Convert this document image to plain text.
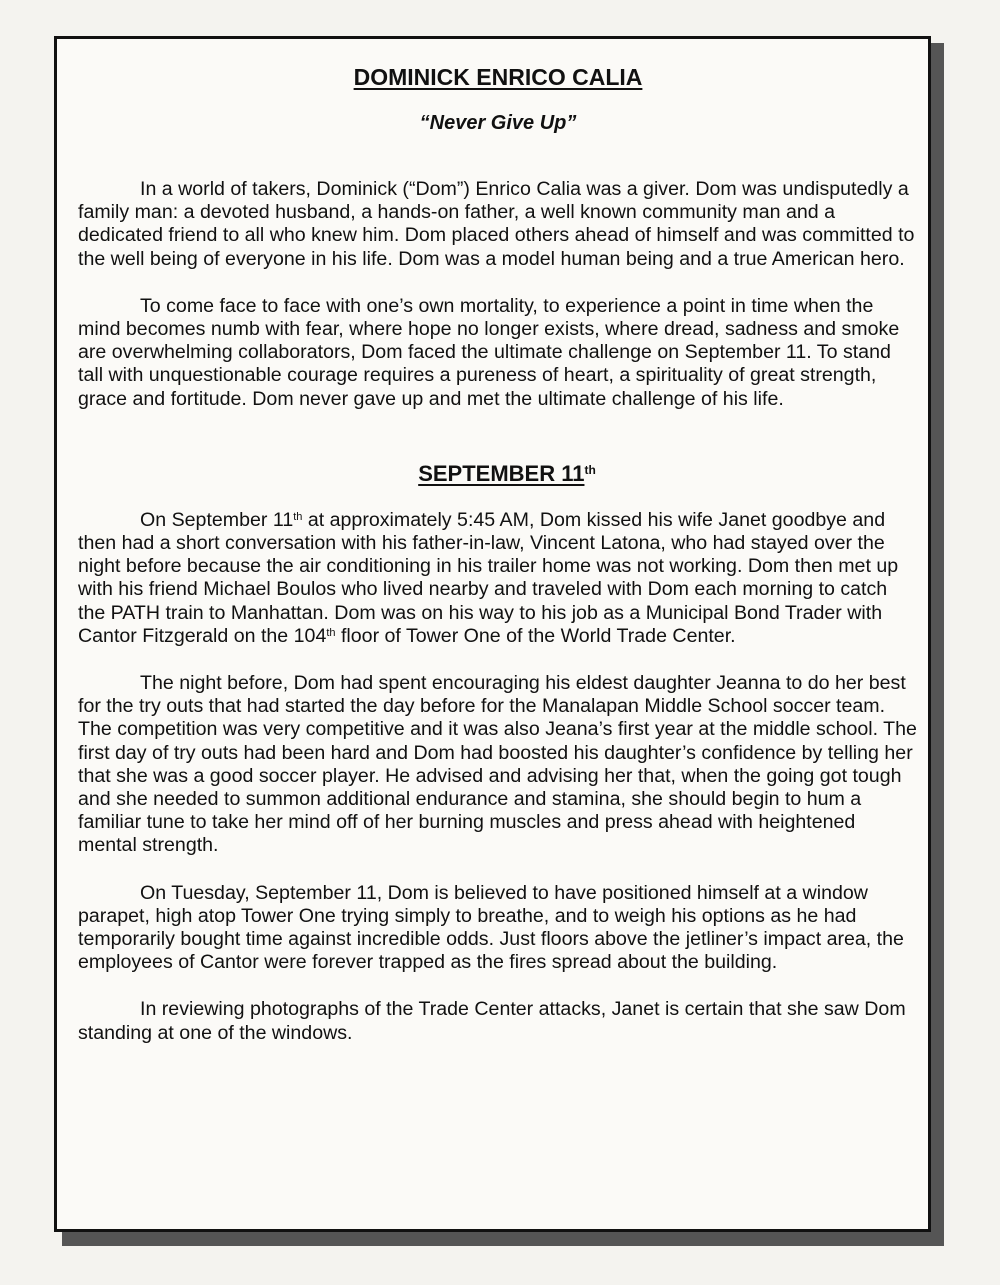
DOMINICK ENRICO CALIA

“Never Give Up”

In a world of takers, Dominick (“Dom”) Enrico Calia was a giver. Dom was undisputedly a family man: a devoted husband, a hands-on father, a well known community man and a dedicated friend to all who knew him. Dom placed others ahead of himself and was committed to the well being of everyone in his life. Dom was a model human being and a true American hero.

To come face to face with one’s own mortality, to experience a point in time when the mind becomes numb with fear, where hope no longer exists, where dread, sadness and smoke are overwhelming collaborators, Dom faced the ultimate challenge on September 11. To stand tall with unquestionable courage requires a pureness of heart, a spirituality of great strength, grace and fortitude. Dom never gave up and met the ultimate challenge of his life.

SEPTEMBER 11th

On September 11th at approximately 5:45 AM, Dom kissed his wife Janet goodbye and then had a short conversation with his father-in-law, Vincent Latona, who had stayed over the night before because the air conditioning in his trailer home was not working. Dom then met up with his friend Michael Boulos who lived nearby and traveled with Dom each morning to catch the PATH train to Manhattan. Dom was on his way to his job as a Municipal Bond Trader with Cantor Fitzgerald on the 104th floor of Tower One of the World Trade Center.

The night before, Dom had spent encouraging his eldest daughter Jeanna to do her best for the try outs that had started the day before for the Manalapan Middle School soccer team. The competition was very competitive and it was also Jeana’s first year at the middle school. The first day of try outs had been hard and Dom had boosted his daughter’s confidence by telling her that she was a good soccer player. He advised and advising her that, when the going got tough and she needed to summon additional endurance and stamina, she should begin to hum a familiar tune to take her mind off of her burning muscles and press ahead with heightened mental strength.

On Tuesday, September 11, Dom is believed to have positioned himself at a window parapet, high atop Tower One trying simply to breathe, and to weigh his options as he had temporarily bought time against incredible odds. Just floors above the jetliner’s impact area, the employees of Cantor were forever trapped as the fires spread about the building.

In reviewing photographs of the Trade Center attacks, Janet is certain that she saw Dom standing at one of the windows.
